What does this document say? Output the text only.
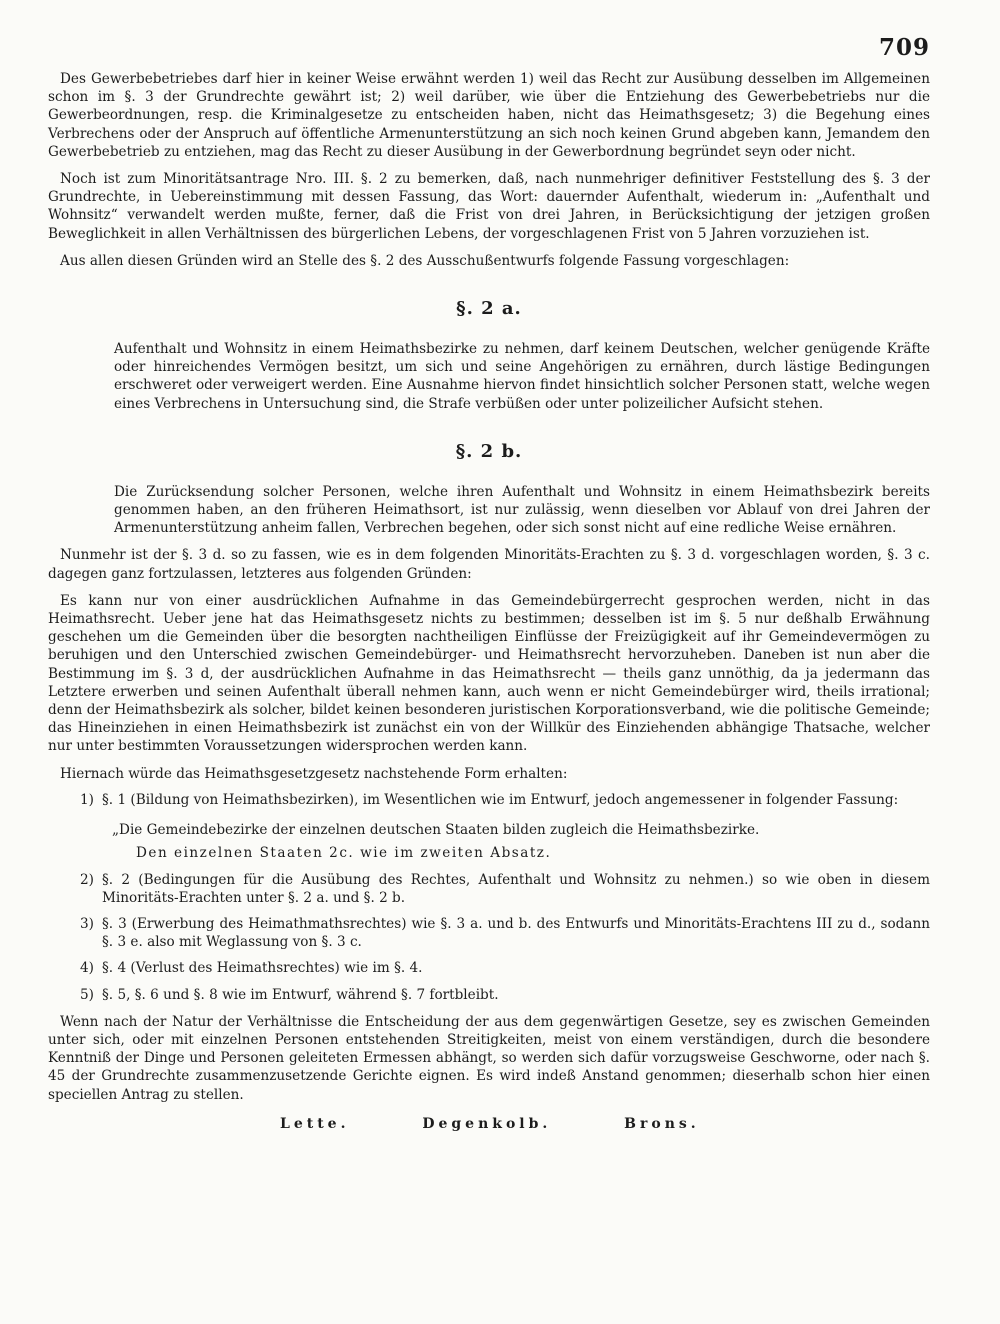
709

Des Gewerbebetriebes darf hier in keiner Weise erwähnt werden 1) weil das Recht zur Ausübung desselben im Allgemeinen schon im §. 3 der Grundrechte gewährt ist; 2) weil darüber, wie über die Entziehung des Gewerbebetriebs nur die Gewerbeordnungen, resp. die Kriminalgesetze zu entscheiden haben, nicht das Heimathsgesetz; 3) die Begehung eines Verbrechens oder der Anspruch auf öffentliche Armenunterstützung an sich noch keinen Grund abgeben kann, Jemandem den Gewerbebetrieb zu entziehen, mag das Recht zu dieser Ausübung in der Gewerbordnung begründet seyn oder nicht.

Noch ist zum Minoritätsantrage Nro. III. §. 2 zu bemerken, daß, nach nunmehriger definitiver Feststellung des §. 3 der Grundrechte, in Uebereinstimmung mit dessen Fassung, das Wort: dauernder Aufenthalt, wiederum in: „Aufenthalt und Wohnsitz“ verwandelt werden mußte, ferner, daß die Frist von drei Jahren, in Berücksichtigung der jetzigen großen Beweglichkeit in allen Verhältnissen des bürgerlichen Lebens, der vorgeschlagenen Frist von 5 Jahren vorzuziehen ist.

Aus allen diesen Gründen wird an Stelle des §. 2 des Ausschußentwurfs folgende Fassung vorgeschlagen:

§. 2 a.

Aufenthalt und Wohnsitz in einem Heimathsbezirke zu nehmen, darf keinem Deutschen, welcher genügende Kräfte oder hinreichendes Vermögen besitzt, um sich und seine Angehörigen zu ernähren, durch lästige Bedingungen erschweret oder verweigert werden. Eine Ausnahme hiervon findet hinsichtlich solcher Personen statt, welche wegen eines Verbrechens in Untersuchung sind, die Strafe verbüßen oder unter polizeilicher Aufsicht stehen.

§. 2 b.

Die Zurücksendung solcher Personen, welche ihren Aufenthalt und Wohnsitz in einem Heimathsbezirk bereits genommen haben, an den früheren Heimathsort, ist nur zulässig, wenn dieselben vor Ablauf von drei Jahren der Armenunterstützung anheim fallen, Verbrechen begehen, oder sich sonst nicht auf eine redliche Weise ernähren.

Nunmehr ist der §. 3 d. so zu fassen, wie es in dem folgenden Minoritäts-Erachten zu §. 3 d. vorgeschlagen worden, §. 3 c. dagegen ganz fortzulassen, letzteres aus folgenden Gründen:

Es kann nur von einer ausdrücklichen Aufnahme in das Gemeindebürgerrecht gesprochen werden, nicht in das Heimathsrecht. Ueber jene hat das Heimathsgesetz nichts zu bestimmen; desselben ist im §. 5 nur deßhalb Erwähnung geschehen um die Gemeinden über die besorgten nachtheiligen Einflüsse der Freizügigkeit auf ihr Gemeindevermögen zu beruhigen und den Unterschied zwischen Gemeindebürger- und Heimathsrecht hervorzuheben. Daneben ist nun aber die Bestimmung im §. 3 d, der ausdrücklichen Aufnahme in das Heimathsrecht — theils ganz unnöthig, da ja jedermann das Letztere erwerben und seinen Aufenthalt überall nehmen kann, auch wenn er nicht Gemeindebürger wird, theils irrational; denn der Heimathsbezirk als solcher, bildet keinen besonderen juristischen Korporationsverband, wie die politische Gemeinde; das Hineinziehen in einen Heimathsbezirk ist zunächst ein von der Willkür des Einziehenden abhängige Thatsache, welcher nur unter bestimmten Voraussetzungen widersprochen werden kann.

Hiernach würde das Heimathsgesetzgesetz nachstehende Form erhalten:

1) §. 1 (Bildung von Heimathsbezirken), im Wesentlichen wie im Entwurf, jedoch angemessener in folgender Fassung:
„Die Gemeindebezirke der einzelnen deutschen Staaten bilden zugleich die Heimathsbezirke.
Den einzelnen Staaten 2c. wie im zweiten Absatz.
2) §. 2 (Bedingungen für die Ausübung des Rechtes, Aufenthalt und Wohnsitz zu nehmen.) so wie oben in diesem Minoritäts-Erachten unter §. 2 a. und §. 2 b.
3) §. 3 (Erwerbung des Heimathmathsrechtes) wie §. 3 a. und b. des Entwurfs und Minoritäts-Erachtens III zu d., sodann §. 3 e. also mit Weglassung von §. 3 c.
4) §. 4 (Verlust des Heimathsrechtes) wie im §. 4.
5) §. 5, §. 6 und §. 8 wie im Entwurf, während §. 7 fortbleibt.

Wenn nach der Natur der Verhältnisse die Entscheidung der aus dem gegenwärtigen Gesetze, sey es zwischen Gemeinden unter sich, oder mit einzelnen Personen entstehenden Streitigkeiten, meist von einem verständigen, durch die besondere Kenntniß der Dinge und Personen geleiteten Ermessen abhängt, so werden sich dafür vorzugsweise Geschworne, oder nach §. 45 der Grundrechte zusammenzusetzende Gerichte eignen. Es wird indeß Anstand genommen; dieserhalb schon hier einen speciellen Antrag zu stellen.

Lette.	Degenkolb.	Brons.
